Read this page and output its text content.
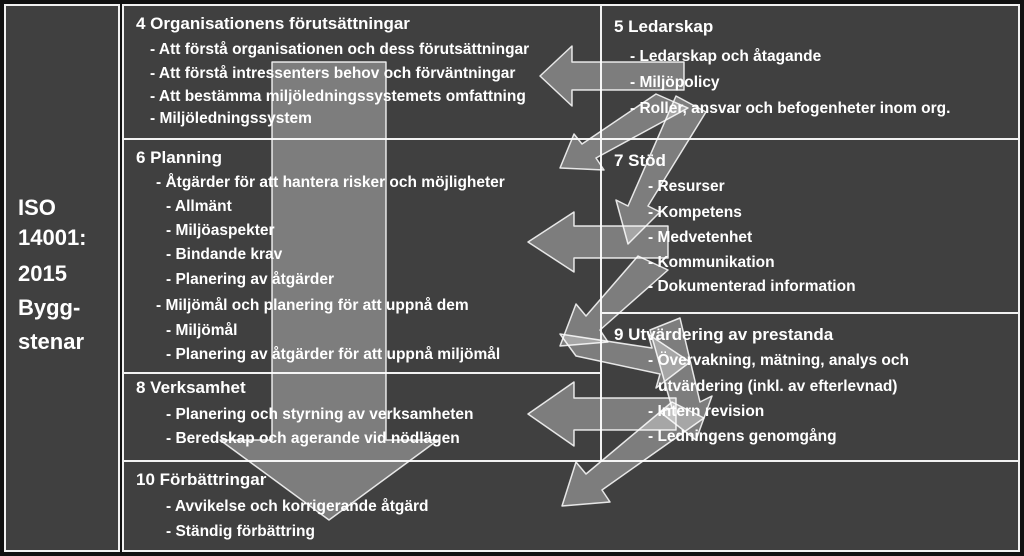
ISO
14001:
2015
Bygg-
stenar
4 Organisationens förutsättningar
- Att förstå organisationen och dess förutsättningar
- Att förstå intressenters behov och förväntningar
- Att bestämma miljöledningssystemets omfattning
- Miljöledningssystem
5 Ledarskap
- Ledarskap och åtagande
- Miljöpolicy
- Roller, ansvar och befogenheter inom org.
6 Planning
- Åtgärder för att hantera risker och möjligheter
- Allmänt
- Miljöaspekter
- Bindande krav
- Planering av åtgärder
- Miljömål och planering för att uppnå dem
- Miljömål
- Planering av åtgärder för att uppnå miljömål
7 Stöd
- Resurser
- Kompetens
- Medvetenhet
- Kommunikation
- Dokumenterad information
8 Verksamhet
- Planering och styrning av verksamheten
- Beredskap och agerande vid nödlägen
9 Utvärdering av prestanda
- Övervakning, mätning, analys och
utvärdering (inkl. av efterlevnad)
- Intern revision
- Ledningens genomgång
10 Förbättringar
- Avvikelse och korrigerande åtgärd
- Ständig förbättring
